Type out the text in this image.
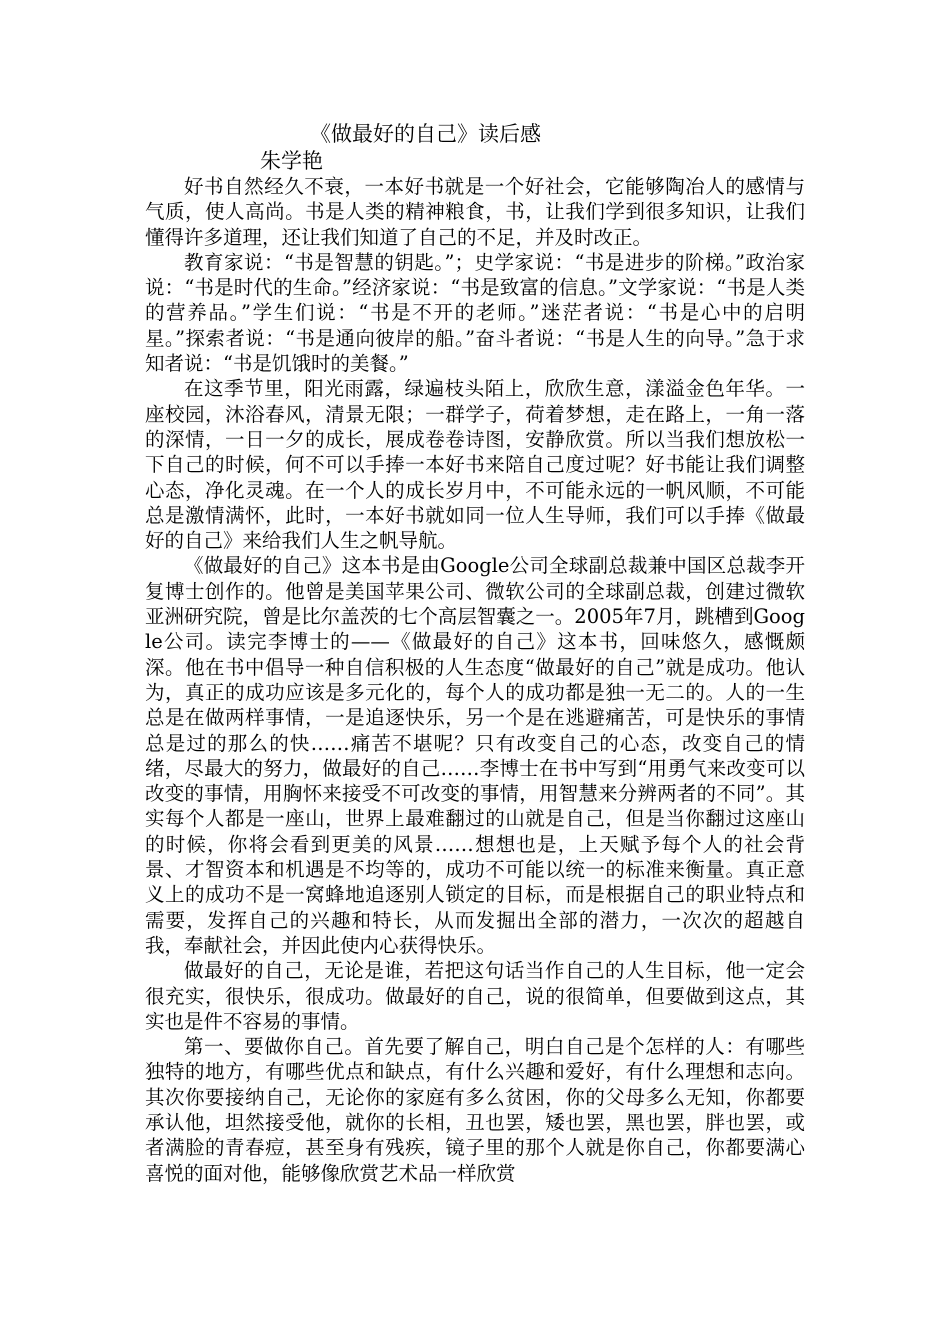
《做最好的自己》读后感
朱学艳

好书自然经久不衰，一本好书就是一个好社会，它能够陶冶人的感情与气质，使人高尚。书是人类的精神粮食，书，让我们学到很多知识，让我们懂得许多道理，还让我们知道了自己的不足，并及时改正。

教育家说：“书是智慧的钥匙。”；史学家说：“书是进步的阶梯。”政治家说：“书是时代的生命。”经济家说：“书是致富的信息。”文学家说：“书是人类的营养品。”学生们说：“书是不开的老师。”迷茫者说：“书是心中的启明星。”探索者说：“书是通向彼岸的船。”奋斗者说：“书是人生的向导。”急于求知者说：“书是饥饿时的美餐。”

在这季节里，阳光雨露，绿遍枝头陌上，欣欣生意，漾溢金色年华。一座校园，沐浴春风，清景无限；一群学子，荷着梦想，走在路上，一角一落的深情，一日一夕的成长，展成卷卷诗图，安静欣赏。所以当我们想放松一下自己的时候，何不可以手捧一本好书来陪自己度过呢？好书能让我们调整心态，净化灵魂。在一个人的成长岁月中，不可能永远的一帆风顺，不可能总是激情满怀，此时，一本好书就如同一位人生导师，我们可以手捧《做最好的自己》来给我们人生之帆导航。

《做最好的自己》这本书是由Google公司全球副总裁兼中国区总裁李开复博士创作的。他曾是美国苹果公司、微软公司的全球副总裁，创建过微软亚洲研究院，曾是比尔盖茨的七个高层智囊之一。2005年7月，跳槽到Google公司。读完李博士的——《做最好的自己》这本书，回味悠久，感慨颇深。他在书中倡导一种自信积极的人生态度“做最好的自己”就是成功。他认为，真正的成功应该是多元化的，每个人的成功都是独一无二的。人的一生总是在做两样事情，一是追逐快乐，另一个是在逃避痛苦，可是快乐的事情总是过的那么的快……痛苦不堪呢？只有改变自己的心态，改变自己的情绪，尽最大的努力，做最好的自己……李博士在书中写到“用勇气来改变可以改变的事情，用胸怀来接受不可改变的事情，用智慧来分辨两者的不同”。其实每个人都是一座山，世界上最难翻过的山就是自己，但是当你翻过这座山的时候，你将会看到更美的风景……想想也是，上天赋予每个人的社会背景、才智资本和机遇是不均等的，成功不可能以统一的标准来衡量。真正意义上的成功不是一窝蜂地追逐别人锁定的目标，而是根据自己的职业特点和需要，发挥自己的兴趣和特长，从而发掘出全部的潜力，一次次的超越自我，奉献社会，并因此使内心获得快乐。

做最好的自己，无论是谁，若把这句话当作自己的人生目标，他一定会很充实，很快乐，很成功。做最好的自己，说的很简单，但要做到这点，其实也是件不容易的事情。

第一、要做你自己。首先要了解自己，明白自己是个怎样的人：有哪些独特的地方，有哪些优点和缺点，有什么兴趣和爱好，有什么理想和志向。其次你要接纳自己，无论你的家庭有多么贫困，你的父母多么无知，你都要承认他，坦然接受他，就你的长相，丑也罢，矮也罢，黑也罢，胖也罢，或者满脸的青春痘，甚至身有残疾，镜子里的那个人就是你自己，你都要满心喜悦的面对他，能够像欣赏艺术品一样欣赏
